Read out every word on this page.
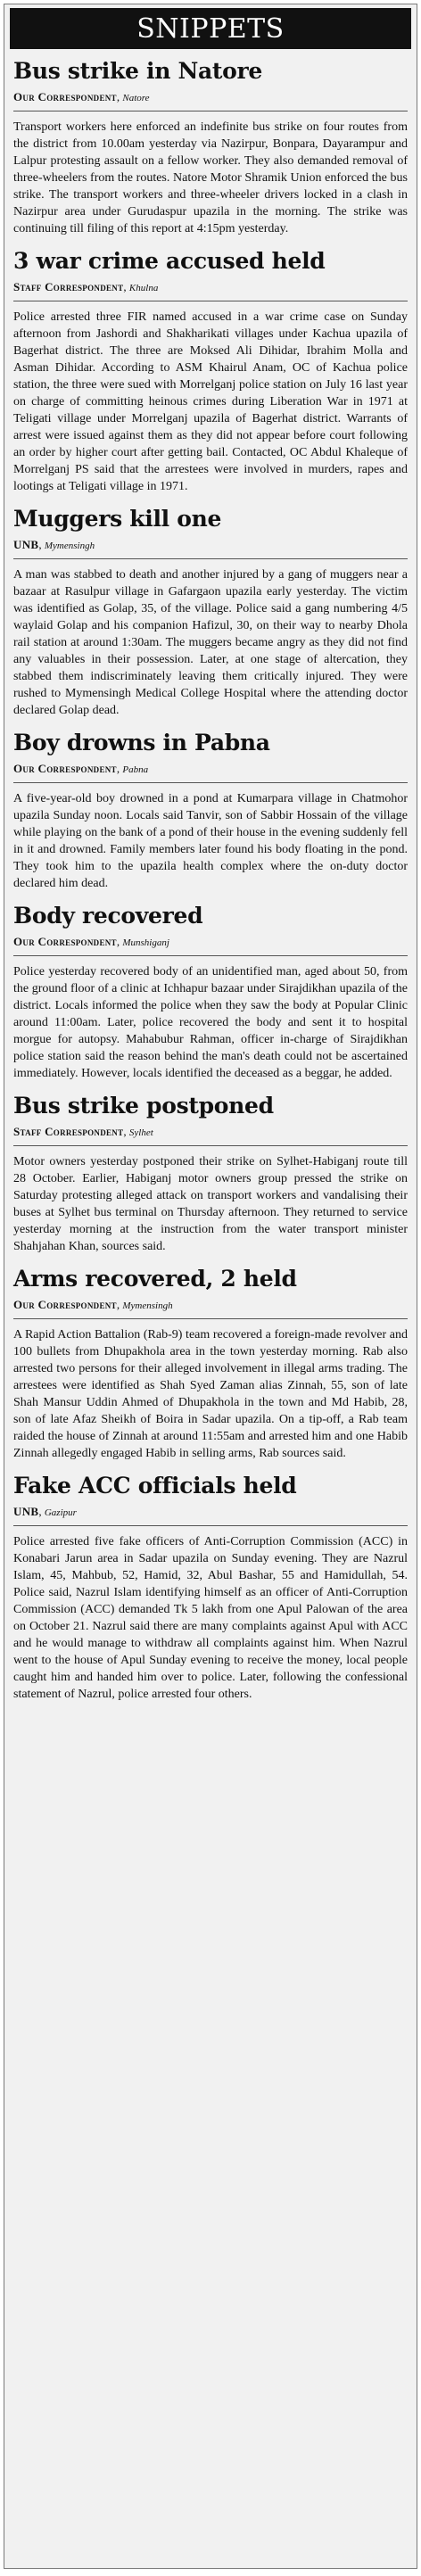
SNIPPETS
Bus strike in Natore
Our Correspondent, Natore

Transport workers here enforced an indefinite bus strike on four routes from the district from 10.00am yesterday via Nazirpur, Bonpara, Dayarampur and Lalpur protesting assault on a fellow worker. They also demanded removal of three-wheelers from the routes. Natore Motor Shramik Union enforced the bus strike. The transport workers and three-wheeler drivers locked in a clash in Nazirpur area under Gurudaspur upazila in the morning. The strike was continuing till filing of this report at 4:15pm yesterday.

3 war crime accused held
Staff Correspondent, Khulna

Police arrested three FIR named accused in a war crime case on Sunday afternoon from Jashordi and Shakharikati villages under Kachua upazila of Bagerhat district. The three are Moksed Ali Dihidar, Ibrahim Molla and Asman Dihidar. According to ASM Khairul Anam, OC of Kachua police station, the three were sued with Morrelganj police station on July 16 last year on charge of committing heinous crimes during Liberation War in 1971 at Teligati village under Morrelganj upazila of Bagerhat district. Warrants of arrest were issued against them as they did not appear before court following an order by higher court after getting bail. Contacted, OC Abdul Khaleque of Morrelganj PS said that the arrestees were involved in murders, rapes and lootings at Teligati village in 1971.

Muggers kill one
UNB, Mymensingh

A man was stabbed to death and another injured by a gang of muggers near a bazaar at Rasulpur village in Gafargaon upazila early yesterday. The victim was identified as Golap, 35, of the village. Police said a gang numbering 4/5 waylaid Golap and his companion Hafizul, 30, on their way to nearby Dhola rail station at around 1:30am. The muggers became angry as they did not find any valuables in their possession. Later, at one stage of altercation, they stabbed them indiscriminately leaving them critically injured. They were rushed to Mymensingh Medical College Hospital where the attending doctor declared Golap dead.

Boy drowns in Pabna
Our Correspondent, Pabna

A five-year-old boy drowned in a pond at Kumarpara village in Chatmohor upazila Sunday noon. Locals said Tanvir, son of Sabbir Hossain of the village while playing on the bank of a pond of their house in the evening suddenly fell in it and drowned. Family members later found his body floating in the pond. They took him to the upazila health complex where the on-duty doctor declared him dead.

Body recovered
Our Correspondent, Munshiganj

Police yesterday recovered body of an unidentified man, aged about 50, from the ground floor of a clinic at Ichhapur bazaar under Sirajdikhan upazila of the district. Locals informed the police when they saw the body at Popular Clinic around 11:00am. Later, police recovered the body and sent it to hospital morgue for autopsy. Mahabubur Rahman, officer in-charge of Sirajdikhan police station said the reason behind the man's death could not be ascertained immediately. However, locals identified the deceased as a beggar, he added.

Bus strike postponed
Staff Correspondent, Sylhet

Motor owners yesterday postponed their strike on Sylhet-Habiganj route till 28 October. Earlier, Habiganj motor owners group pressed the strike on Saturday protesting alleged attack on transport workers and vandalising their buses at Sylhet bus terminal on Thursday afternoon. They returned to service yesterday morning at the instruction from the water transport minister Shahjahan Khan, sources said.

Arms recovered, 2 held
Our Correspondent, Mymensingh

A Rapid Action Battalion (Rab-9) team recovered a foreign-made revolver and 100 bullets from Dhupakhola area in the town yesterday morning. Rab also arrested two persons for their alleged involvement in illegal arms trading. The arrestees were identified as Shah Syed Zaman alias Zinnah, 55, son of late Shah Mansur Uddin Ahmed of Dhupakhola in the town and Md Habib, 28, son of late Afaz Sheikh of Boira in Sadar upazila. On a tip-off, a Rab team raided the house of Zinnah at around 11:55am and arrested him and one Habib Zinnah allegedly engaged Habib in selling arms, Rab sources said.

Fake ACC officials held
UNB, Gazipur

Police arrested five fake officers of Anti-Corruption Commission (ACC) in Konabari Jarun area in Sadar upazila on Sunday evening. They are Nazrul Islam, 45, Mahbub, 52, Hamid, 32, Abul Bashar, 55 and Hamidullah, 54. Police said, Nazrul Islam identifying himself as an officer of Anti-Corruption Commission (ACC) demanded Tk 5 lakh from one Apul Palowan of the area on October 21. Nazrul said there are many complaints against Apul with ACC and he would manage to withdraw all complaints against him. When Nazrul went to the house of Apul Sunday evening to receive the money, local people caught him and handed him over to police. Later, following the confessional statement of Nazrul, police arrested four others.
